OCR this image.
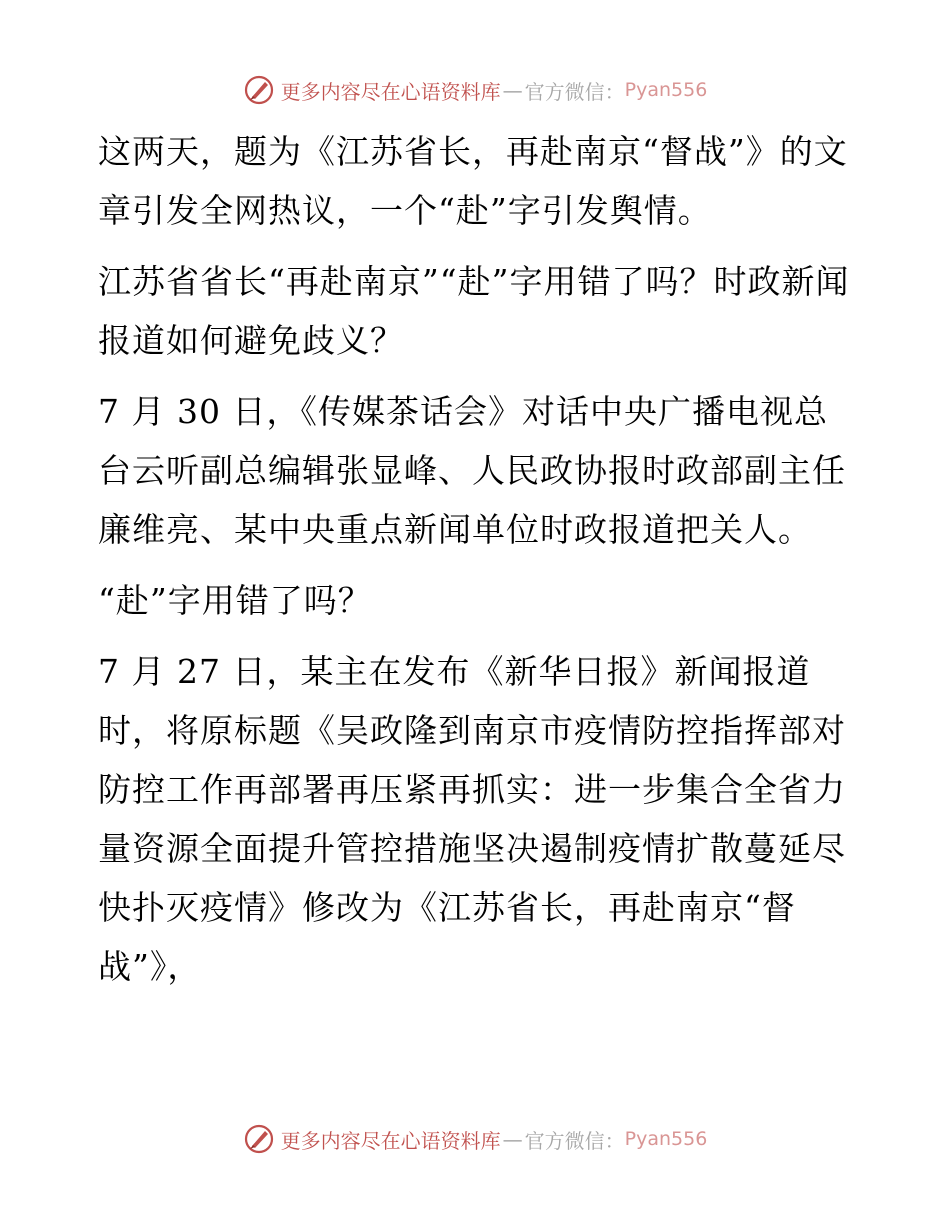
更多内容尽在心语资料库 — 官方微信： Pyan556

这两天，题为《江苏省长，再赴南京“督战”》的文章引发全网热议，一个“赴”字引发舆情。

江苏省省长“再赴南京”“赴”字用错了吗？时政新闻报道如何避免歧义？

7 月 30 日，《传媒茶话会》对话中央广播电视总台云听副总编辑张显峰、人民政协报时政部副主任廉维亮、某中央重点新闻单位时政报道把关人。

“赴”字用错了吗？

7 月 27 日，某主在发布《新华日报》新闻报道时，将原标题《吴政隆到南京市疫情防控指挥部对防控工作再部署再压紧再抓实：进一步集合全省力量资源全面提升管控措施坚决遏制疫情扩散蔓延尽快扑灭疫情》修改为《江苏省长，再赴南京“督战”》，

更多内容尽在心语资料库 — 官方微信： Pyan556
